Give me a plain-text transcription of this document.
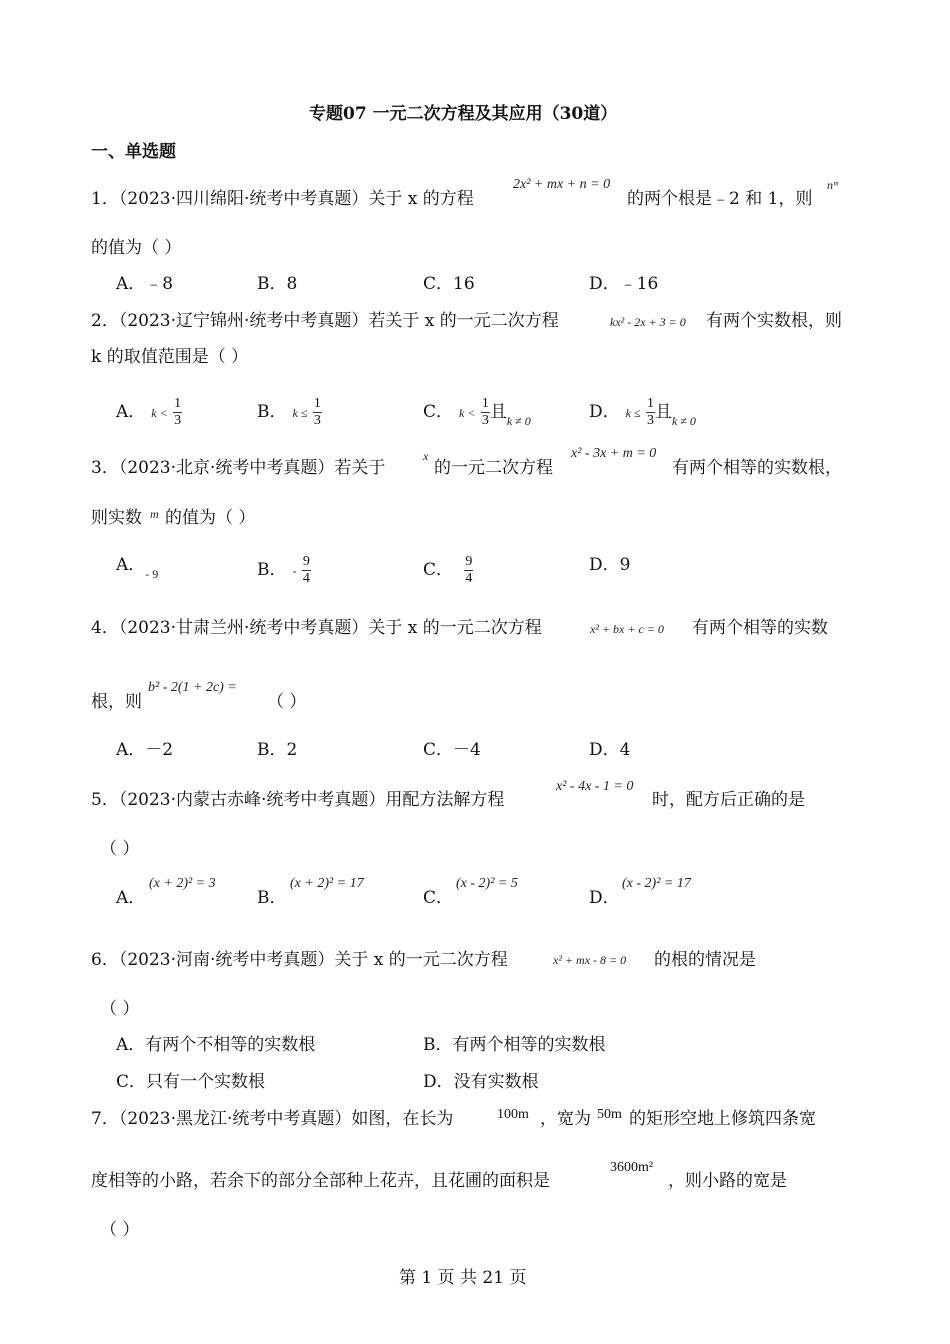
专题07 一元二次方程及其应用（30道）
一、单选题
1．（2023·四川绵阳·统考中考真题）关于 x 的方程
2x² + mx + n = 0
的两个根是﹣2 和 1，则
nᵐ
的值为（ ）
A．﹣8	B．8	C．16	D．﹣16
2．（2023·辽宁锦州·统考中考真题）若关于 x 的一元二次方程	kx² - 2x + 3 = 0 有两个实数根，则
k 的取值范围是（ ）
A． $k < \frac{1}{3}$	B． $k \le \frac{1}{3}$	C． $k < \frac{1}{3}$ 且$_{k \ne 0}$	D． $k \le \frac{1}{3}$ 且$_{k \ne 0}$
3．（2023·北京·统考中考真题）若关于
x
的一元二次方程
x² - 3x + m = 0
有两个相等的实数根，
则实数 m 的值为（ ）
A．$_{- 9}$	B． - $\frac{9}{4}$	C． $\frac{9}{4}$	D．9
4．（2023·甘肃兰州·统考中考真题）关于 x 的一元二次方程	x² + bx + c = 0 有两个相等的实数
根，则
b² - 2(1 + 2c) =
（ ）
A．－2	B．2	C．－4	D．4
5．（2023·内蒙古赤峰·统考中考真题）用配方法解方程
x² - 4x - 1 = 0
时，配方后正确的是
（ ）
A．
(x + 2)² = 3
B．
(x + 2)² = 17
C．
(x - 2)² = 5
D．
(x - 2)² = 17
6．（2023·河南·统考中考真题）关于 x 的一元二次方程	x² + mx - 8 = 0 的根的情况是
（ ）
A．有两个不相等的实数根	B．有两个相等的实数根
C．只有一个实数根	D．没有实数根
7．（2023·黑龙江·统考中考真题）如图，在长为	100m ，宽为 50m 的矩形空地上修筑四条宽
度相等的小路，若余下的部分全部种上花卉，且花圃的面积是
3600m²
，则小路的宽是
（ ）
第 1 页 共 21 页
